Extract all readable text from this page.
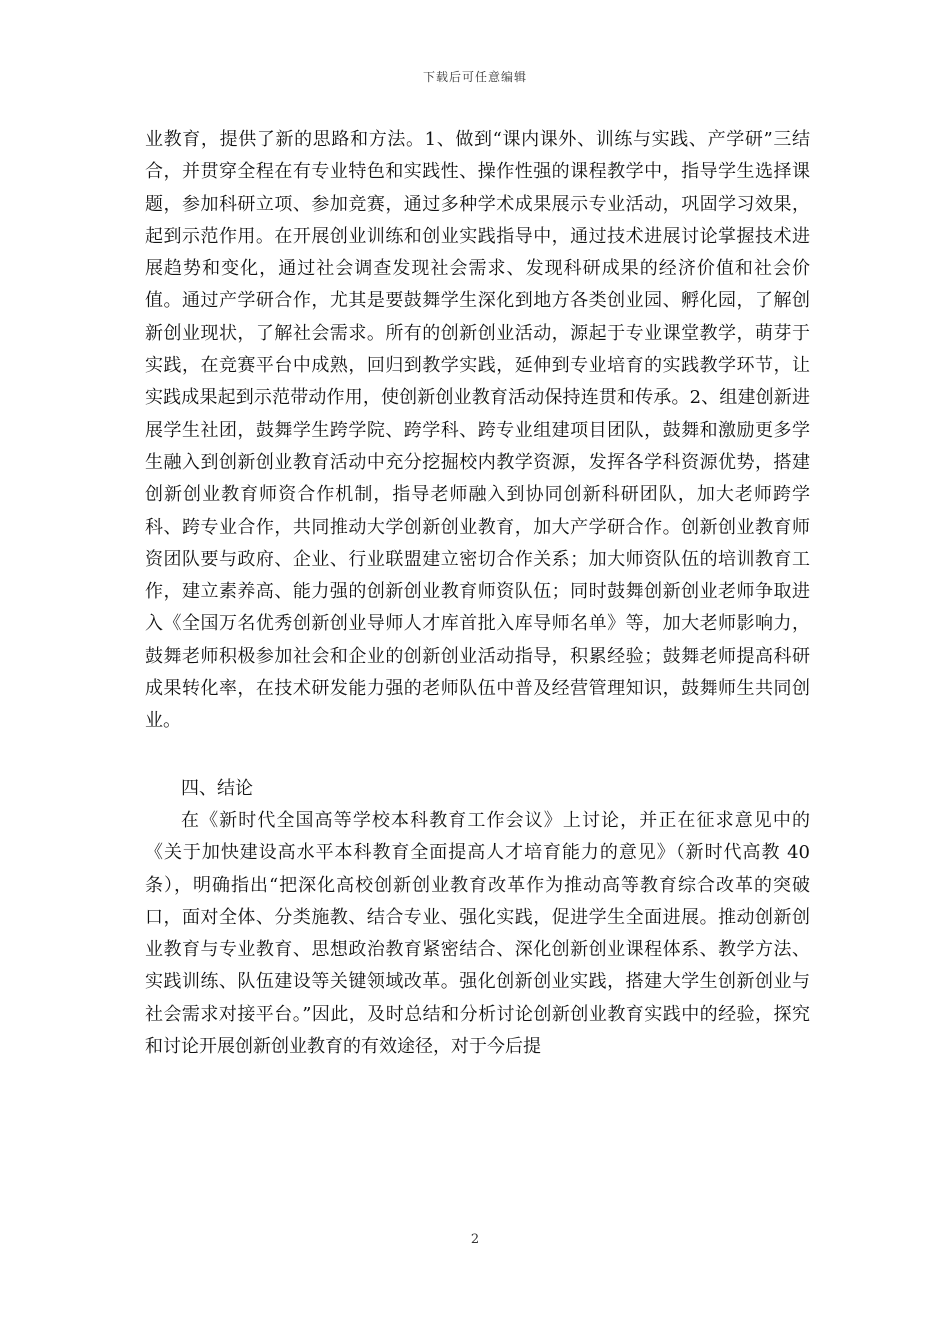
下载后可任意编辑

业教育，提供了新的思路和方法。1、做到“课内课外、训练与实践、产学研”三结合，并贯穿全程在有专业特色和实践性、操作性强的课程教学中，指导学生选择课题，参加科研立项、参加竞赛，通过多种学术成果展示专业活动，巩固学习效果，起到示范作用。在开展创业训练和创业实践指导中，通过技术进展讨论掌握技术进展趋势和变化，通过社会调查发现社会需求、发现科研成果的经济价值和社会价值。通过产学研合作，尤其是要鼓舞学生深化到地方各类创业园、孵化园，了解创新创业现状，了解社会需求。所有的创新创业活动，源起于专业课堂教学，萌芽于实践，在竞赛平台中成熟，回归到教学实践，延伸到专业培育的实践教学环节，让实践成果起到示范带动作用，使创新创业教育活动保持连贯和传承。2、组建创新进展学生社团，鼓舞学生跨学院、跨学科、跨专业组建项目团队，鼓舞和激励更多学生融入到创新创业教育活动中充分挖掘校内教学资源，发挥各学科资源优势，搭建创新创业教育师资合作机制，指导老师融入到协同创新科研团队，加大老师跨学科、跨专业合作，共同推动大学创新创业教育，加大产学研合作。创新创业教育师资团队要与政府、企业、行业联盟建立密切合作关系；加大师资队伍的培训教育工作，建立素养高、能力强的创新创业教育师资队伍；同时鼓舞创新创业老师争取进入《全国万名优秀创新创业导师人才库首批入库导师名单》等，加大老师影响力，鼓舞老师积极参加社会和企业的创新创业活动指导，积累经验；鼓舞老师提高科研成果转化率，在技术研发能力强的老师队伍中普及经营管理知识，鼓舞师生共同创业。

四、结论

在《新时代全国高等学校本科教育工作会议》上讨论，并正在征求意见中的《关于加快建设高水平本科教育全面提高人才培育能力的意见》（新时代高教 40 条），明确指出“把深化高校创新创业教育改革作为推动高等教育综合改革的突破口，面对全体、分类施教、结合专业、强化实践，促进学生全面进展。推动创新创业教育与专业教育、思想政治教育紧密结合、深化创新创业课程体系、教学方法、实践训练、队伍建设等关键领域改革。强化创新创业实践，搭建大学生创新创业与社会需求对接平台。”因此，及时总结和分析讨论创新创业教育实践中的经验，探究和讨论开展创新创业教育的有效途径，对于今后提

2
